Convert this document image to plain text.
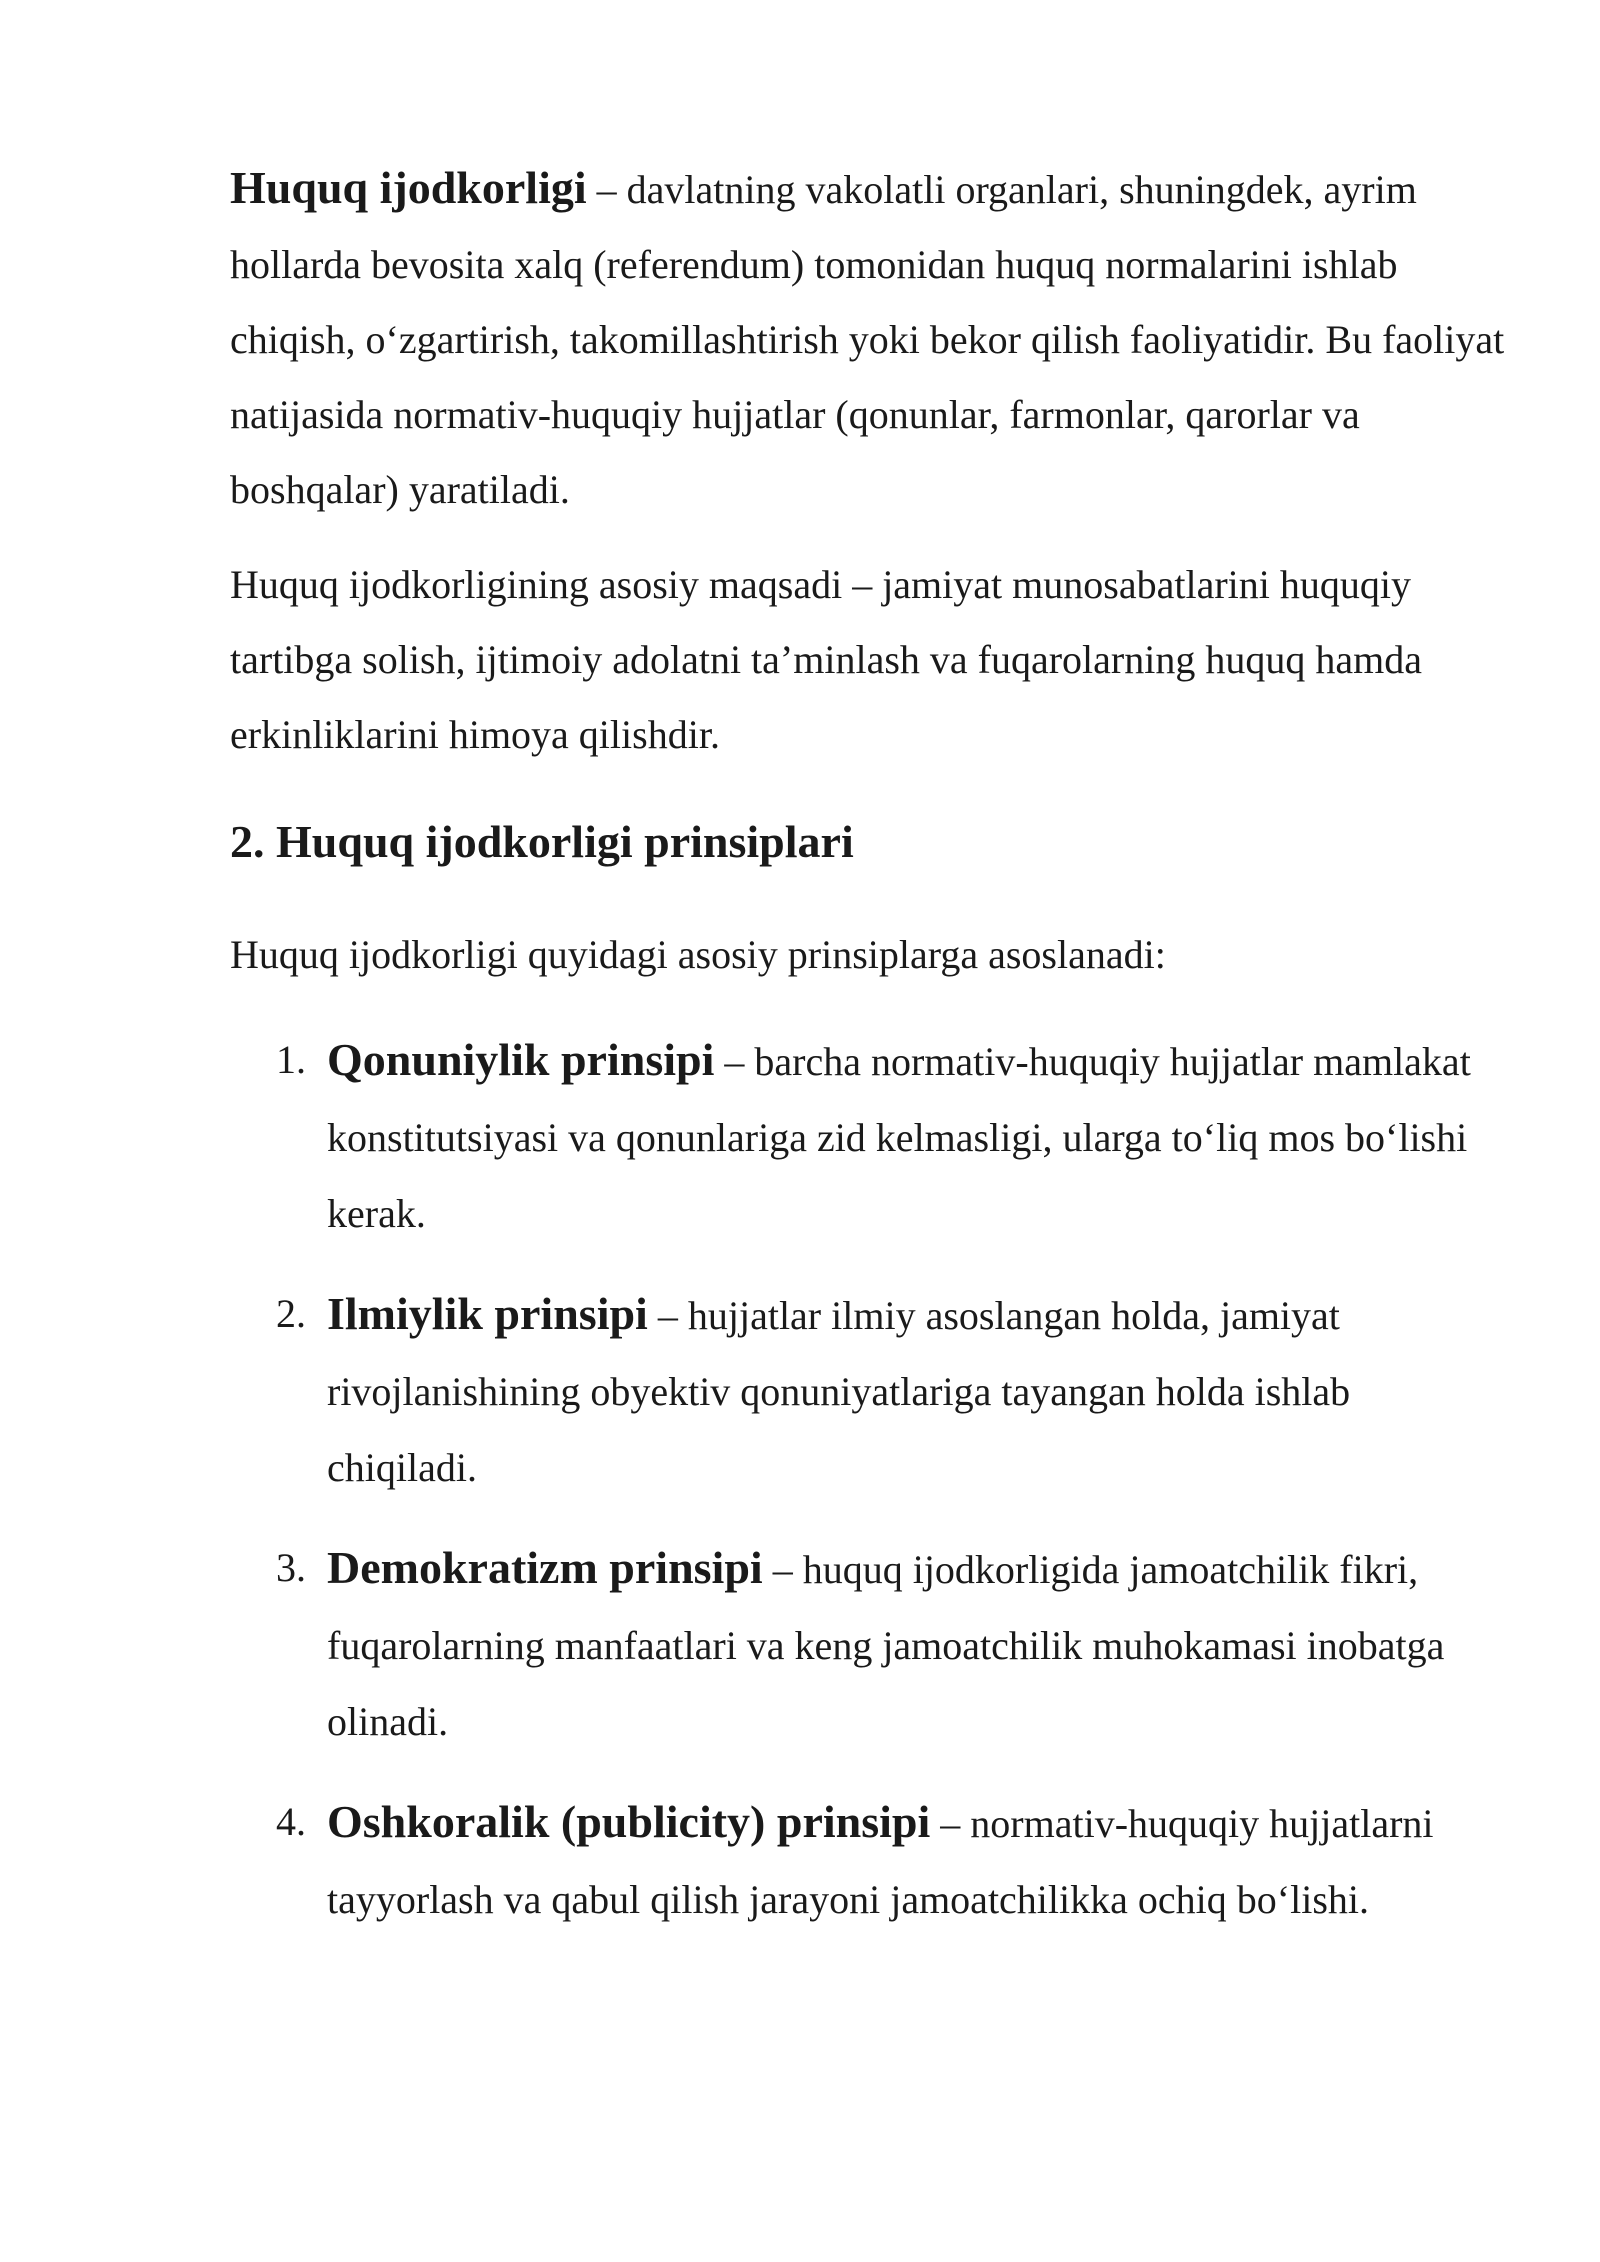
Huquq ijodkorligi – davlatning vakolatli organlari, shuningdek, ayrim hollarda bevosita xalq (referendum) tomonidan huquq normalarini ishlab chiqish, o‘zgartirish, takomillashtirish yoki bekor qilish faoliyatidir. Bu faoliyat natijasida normativ-huquqiy hujjatlar (qonunlar, farmonlar, qarorlar va boshqalar) yaratiladi.

Huquq ijodkorligining asosiy maqsadi – jamiyat munosabatlarini huquqiy tartibga solish, ijtimoiy adolatni ta’minlash va fuqarolarning huquq hamda erkinliklarini himoya qilishdir.

2. Huquq ijodkorligi prinsiplari

Huquq ijodkorligi quyidagi asosiy prinsiplarga asoslanadi:

1. Qonuniylik prinsipi – barcha normativ-huquqiy hujjatlar mamlakat konstitutsiyasi va qonunlariga zid kelmasligi, ularga to‘liq mos bo‘lishi kerak.
2. Ilmiylik prinsipi – hujjatlar ilmiy asoslangan holda, jamiyat rivojlanishining obyektiv qonuniyatlariga tayangan holda ishlab chiqiladi.
3. Demokratizm prinsipi – huquq ijodkorligida jamoatchilik fikri, fuqarolarning manfaatlari va keng jamoatchilik muhokamasi inobatga olinadi.
4. Oshkoralik (publicity) prinsipi – normativ-huquqiy hujjatlarni tayyorlash va qabul qilish jarayoni jamoatchilikka ochiq bo‘lishi.
